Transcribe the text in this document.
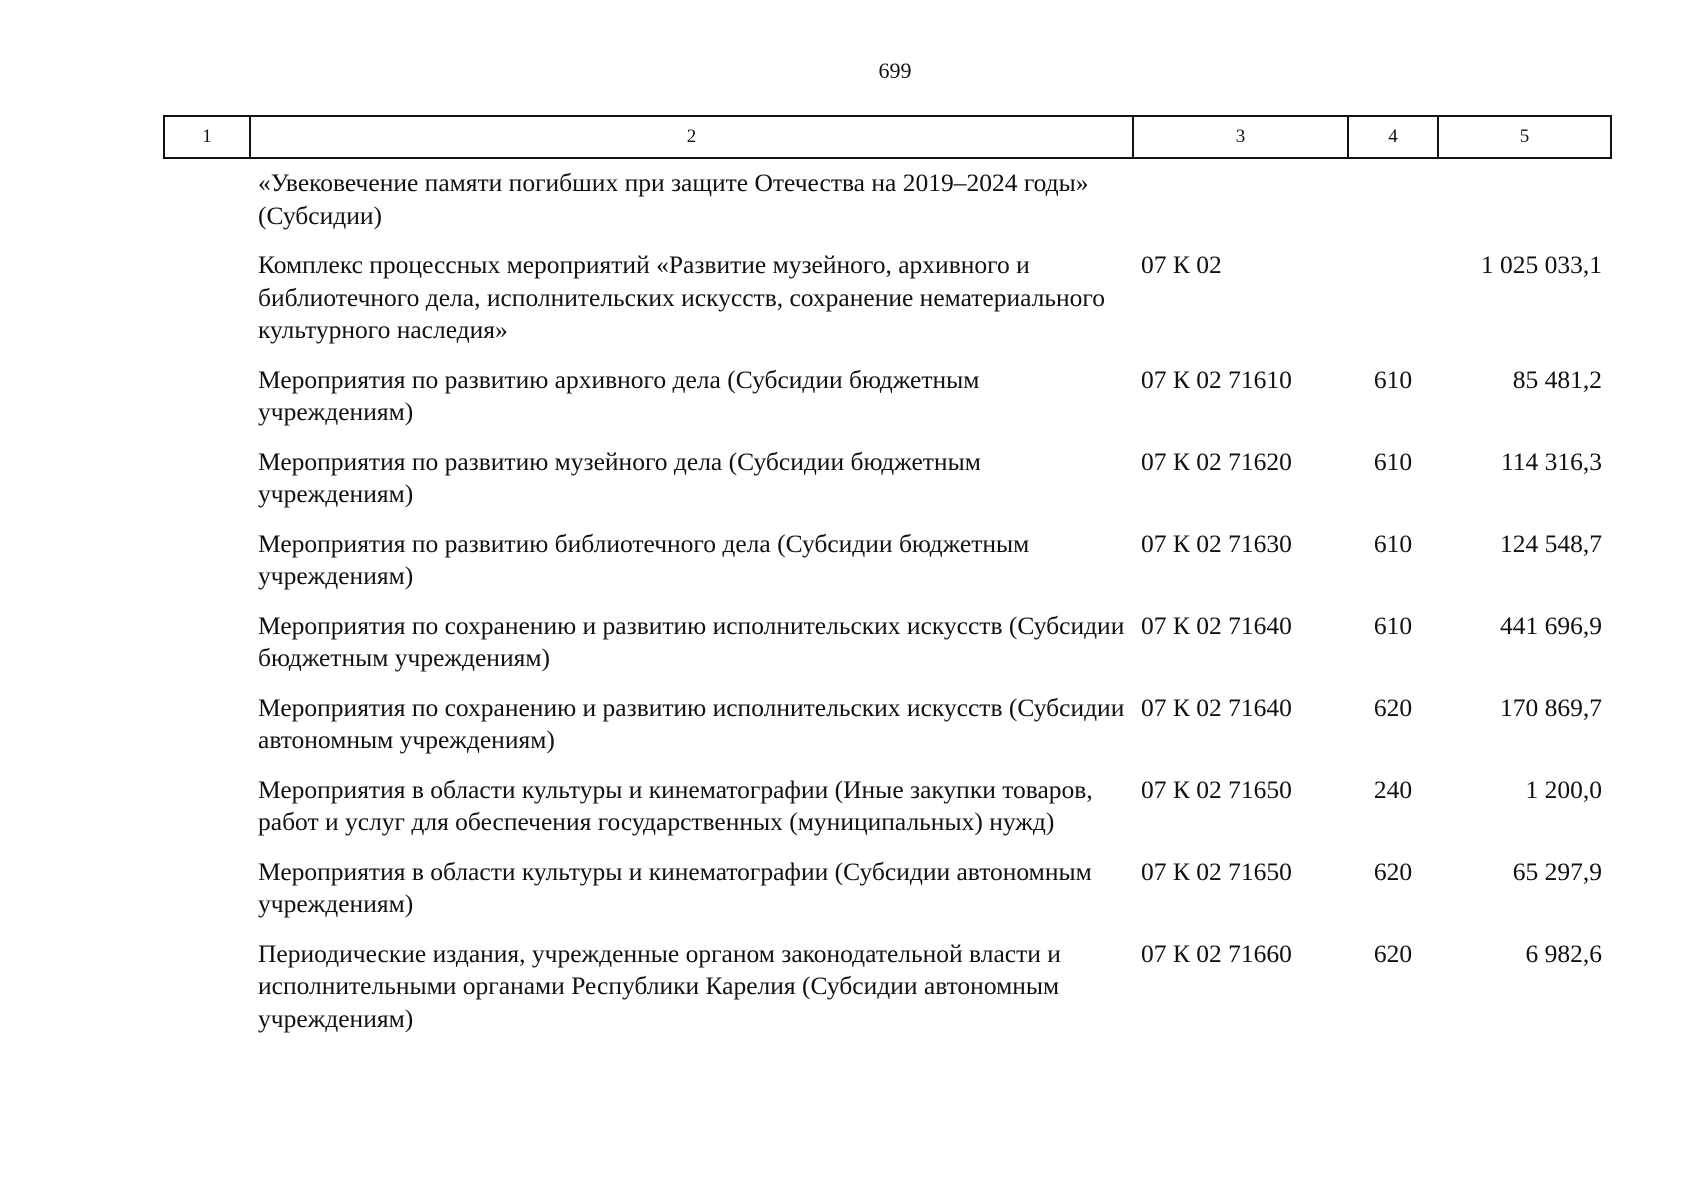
699
1	2	3	4	5
	«Увековечение памяти погибших при защите Отечества на 2019–2024 годы» (Субсидии)			
	Комплекс процессных мероприятий «Развитие музейного, архивного и библиотечного дела, исполнительских искусств, сохранение нематериального культурного наследия»	07 К 02		1 025 033,1
	Мероприятия по развитию архивного дела (Субсидии бюджетным учреждениям)	07 К 02 71610	610	85 481,2
	Мероприятия по развитию музейного дела (Субсидии бюджетным учреждениям)	07 К 02 71620	610	114 316,3
	Мероприятия по развитию библиотечного дела (Субсидии бюджетным учреждениям)	07 К 02 71630	610	124 548,7
	Мероприятия по сохранению и развитию исполнительских искусств (Субсидии бюджетным учреждениям)	07 К 02 71640	610	441 696,9
	Мероприятия по сохранению и развитию исполнительских искусств (Субсидии автономным учреждениям)	07 К 02 71640	620	170 869,7
	Мероприятия в области культуры и кинематографии (Иные закупки товаров, работ и услуг для обеспечения государственных (муниципальных) нужд)	07 К 02 71650	240	1 200,0
	Мероприятия в области культуры и кинематографии (Субсидии автономным учреждениям)	07 К 02 71650	620	65 297,9
	Периодические издания, учрежденные органом законодательной власти и исполнительными органами Республики Карелия (Субсидии автономным учреждениям)	07 К 02 71660	620	6 982,6
